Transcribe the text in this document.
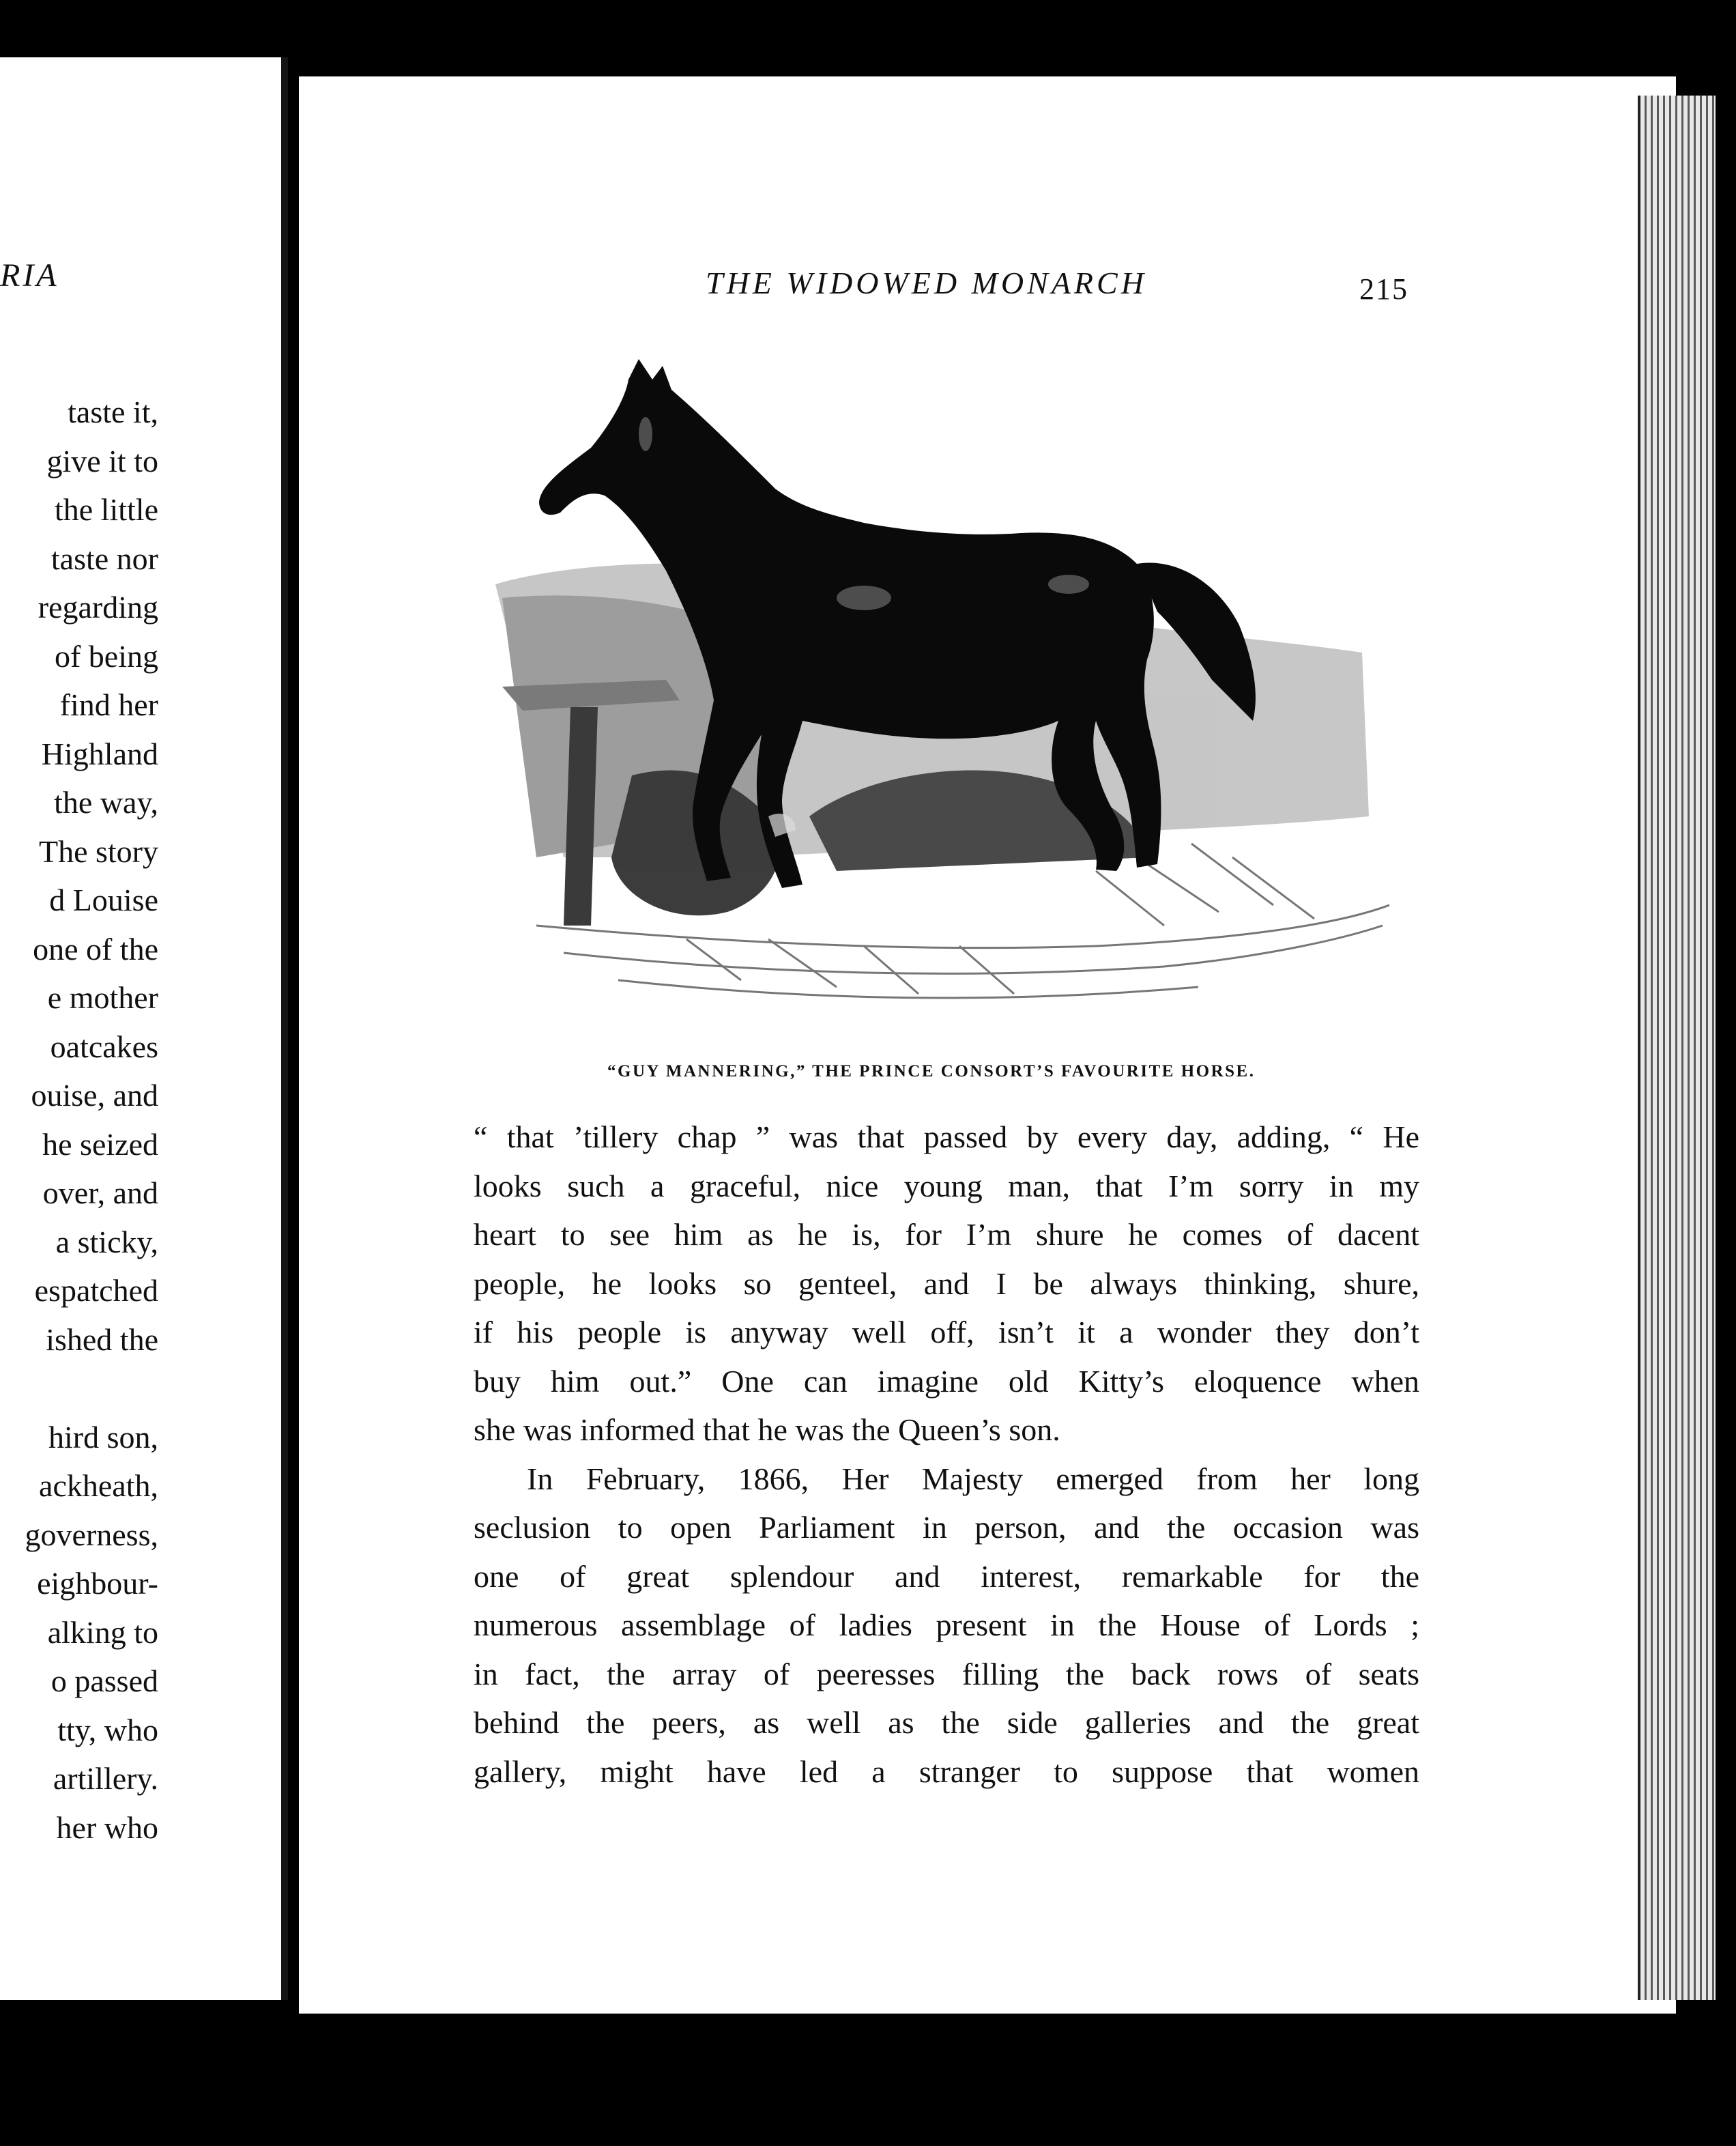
RIA
taste it,
give it to
the little
taste nor
regarding
of being
find her
Highland
the way,
The story
d Louise
one of the
e mother
oatcakes
ouise, and
he seized
over, and
a sticky,
espatched
ished the
hird son,
ackheath,
governess,
eighbour-
alking to
o passed
tty, who
artillery.
her who
THE WIDOWED MONARCH	215
“GUY MANNERING,” THE PRINCE CONSORT’S FAVOURITE HORSE.
“ that ’tillery chap ” was that passed by every day, adding, “ He
looks such a graceful, nice young man, that I’m sorry in my
heart to see him as he is, for I’m shure he comes of dacent
people, he looks so genteel, and I be always thinking, shure,
if his people is anyway well off, isn’t it a wonder they don’t
buy him out.” One can imagine old Kitty’s eloquence when
she was informed that he was the Queen’s son.
In February, 1866, Her Majesty emerged from her long
seclusion to open Parliament in person, and the occasion was
one of great splendour and interest, remarkable for the
numerous assemblage of ladies present in the House of Lords ;
in fact, the array of peeresses filling the back rows of seats
behind the peers, as well as the side galleries and the great
gallery, might have led a stranger to suppose that women
